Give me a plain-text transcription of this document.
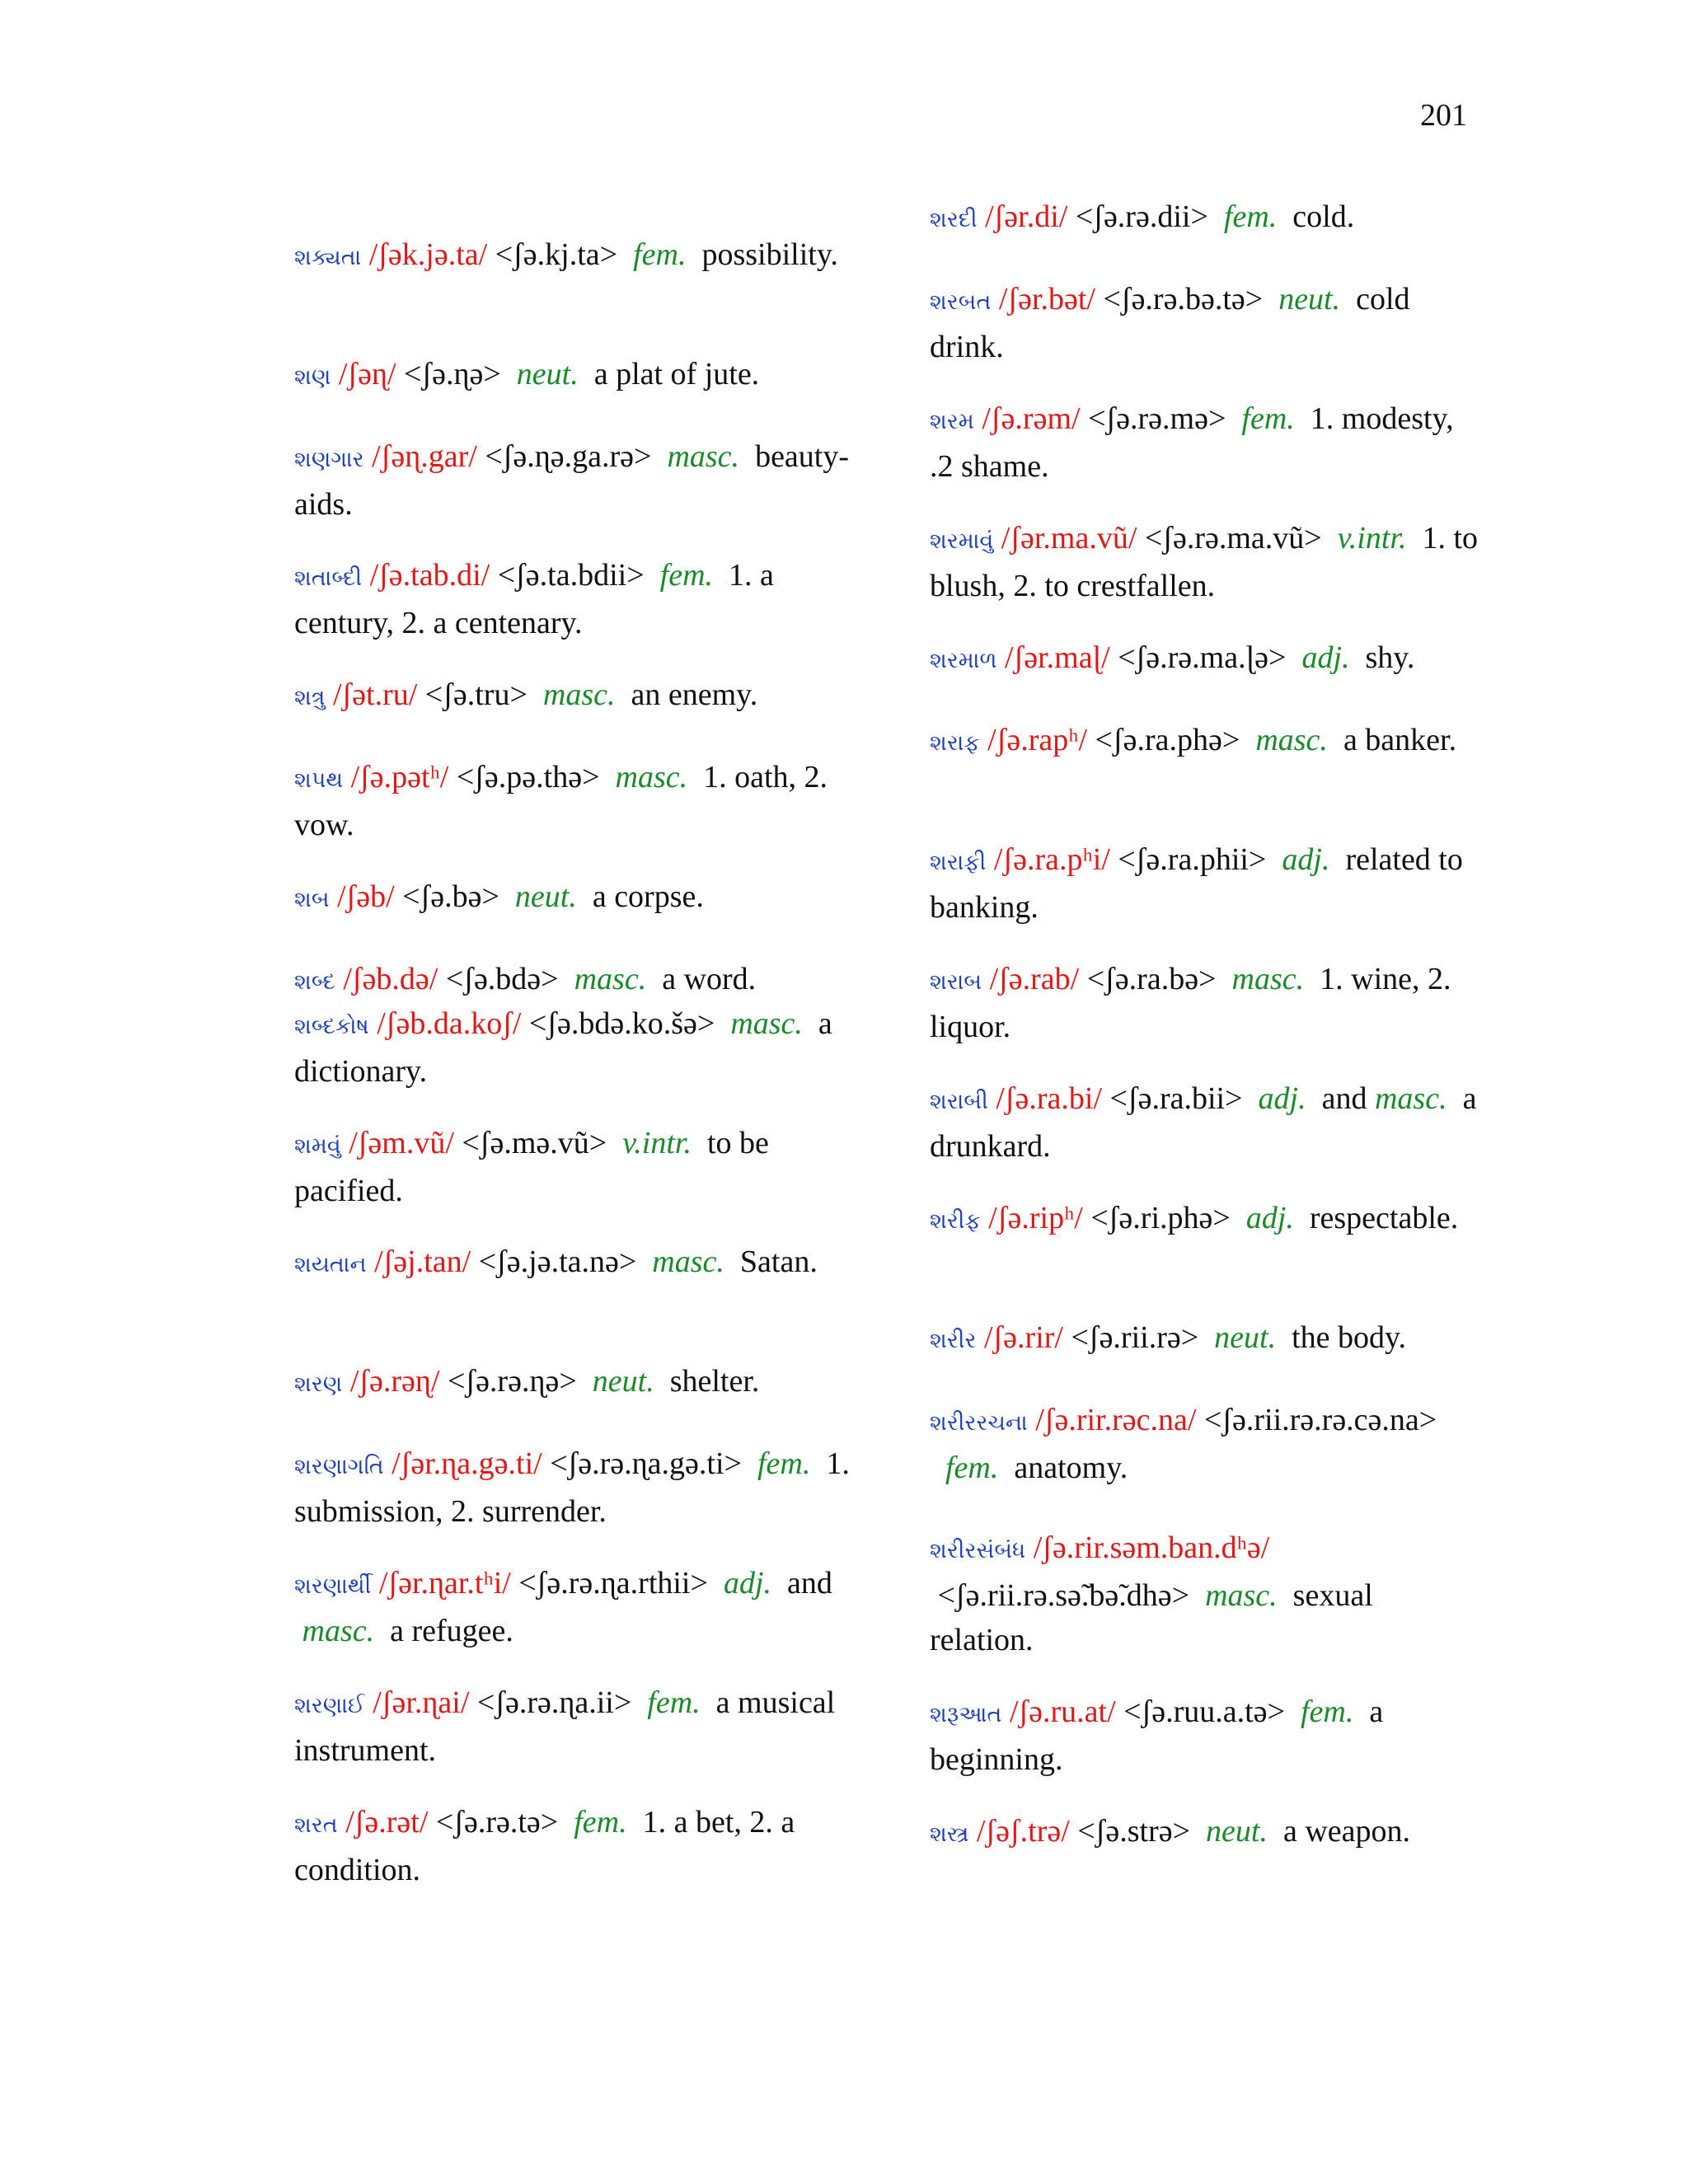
201
શક્યતા /ʃək.jə.ta/ <ʃə.kj.ta> fem. possibility.
શણ /ʃəɳ/ <ʃə.ɳə> neut. a plat of jute.
શણગાર /ʃəɳ.gar/ <ʃə.ɳə.ga.rə> masc. beauty-aids.
શતાબ્દી /ʃə.tab.di/ <ʃə.ta.bdii> fem. 1. a century, 2. a centenary.
શત્રુ /ʃət.ru/ <ʃə.tru> masc. an enemy.
શપથ /ʃə.pətʰ/ <ʃə.pə.thə> masc. 1. oath, 2. vow.
શબ /ʃəb/ <ʃə.bə> neut. a corpse.
શબ્દ /ʃəb.də/ <ʃə.bdə> masc. a word.
શબ્દકોષ /ʃəb.da.koʃ/ <ʃə.bdə.ko.šə> masc. a dictionary.
શમવું /ʃəm.vũ/ <ʃə.mə.vũ> v.intr. to be pacified.
શયતાન /ʃəj.tan/ <ʃə.jə.ta.nə> masc. Satan.
શરણ /ʃə.rəɳ/ <ʃə.rə.ɳə> neut. shelter.
શરણાગતિ /ʃər.ɳa.gə.ti/ <ʃə.rə.ɳa.gə.ti> fem. 1. submission, 2. surrender.
શરણાર્થી /ʃər.ɳar.tʰi/ <ʃə.rə.ɳa.rthii> adj. and masc. a refugee.
શરણાઈ /ʃər.ɳai/ <ʃə.rə.ɳa.ii> fem. a musical instrument.
શરત /ʃə.rət/ <ʃə.rə.tə> fem. 1. a bet, 2. a condition.
શરદી /ʃər.di/ <ʃə.rə.dii> fem. cold.
શરબત /ʃər.bət/ <ʃə.rə.bə.tə> neut. cold drink.
શરમ /ʃə.rəm/ <ʃə.rə.mə> fem. 1. modesty, .2 shame.
શરમાવું /ʃər.ma.vũ/ <ʃə.rə.ma.vũ> v.intr. 1. to blush, 2. to crestfallen.
શરમાળ /ʃər.maɭ/ <ʃə.rə.ma.ɭə> adj. shy.
શરાફ /ʃə.rapʰ/ <ʃə.ra.phə> masc. a banker.
શરાફી /ʃə.ra.pʰi/ <ʃə.ra.phii> adj. related to banking.
શરાબ /ʃə.rab/ <ʃə.ra.bə> masc. 1. wine, 2. liquor.
શરાબી /ʃə.ra.bi/ <ʃə.ra.bii> adj. and masc. a drunkard.
શરીફ /ʃə.ripʰ/ <ʃə.ri.phə> adj. respectable.
શરીર /ʃə.rir/ <ʃə.rii.rə> neut. the body.
શરીરરચના /ʃə.rir.rəc.na/ <ʃə.rii.rə.rə.cə.na>  fem. anatomy.
શરીરસંબંધ /ʃə.rir.səm.ban.dʰə/ <ʃə.rii.rə.sə̃.bə̃.dhə> masc. sexual relation.
શરૂઆત /ʃə.ru.at/ <ʃə.ruu.a.tə> fem. a beginning.
શસ્ત્ર /ʃəʃ.trə/ <ʃə.strə> neut. a weapon.
